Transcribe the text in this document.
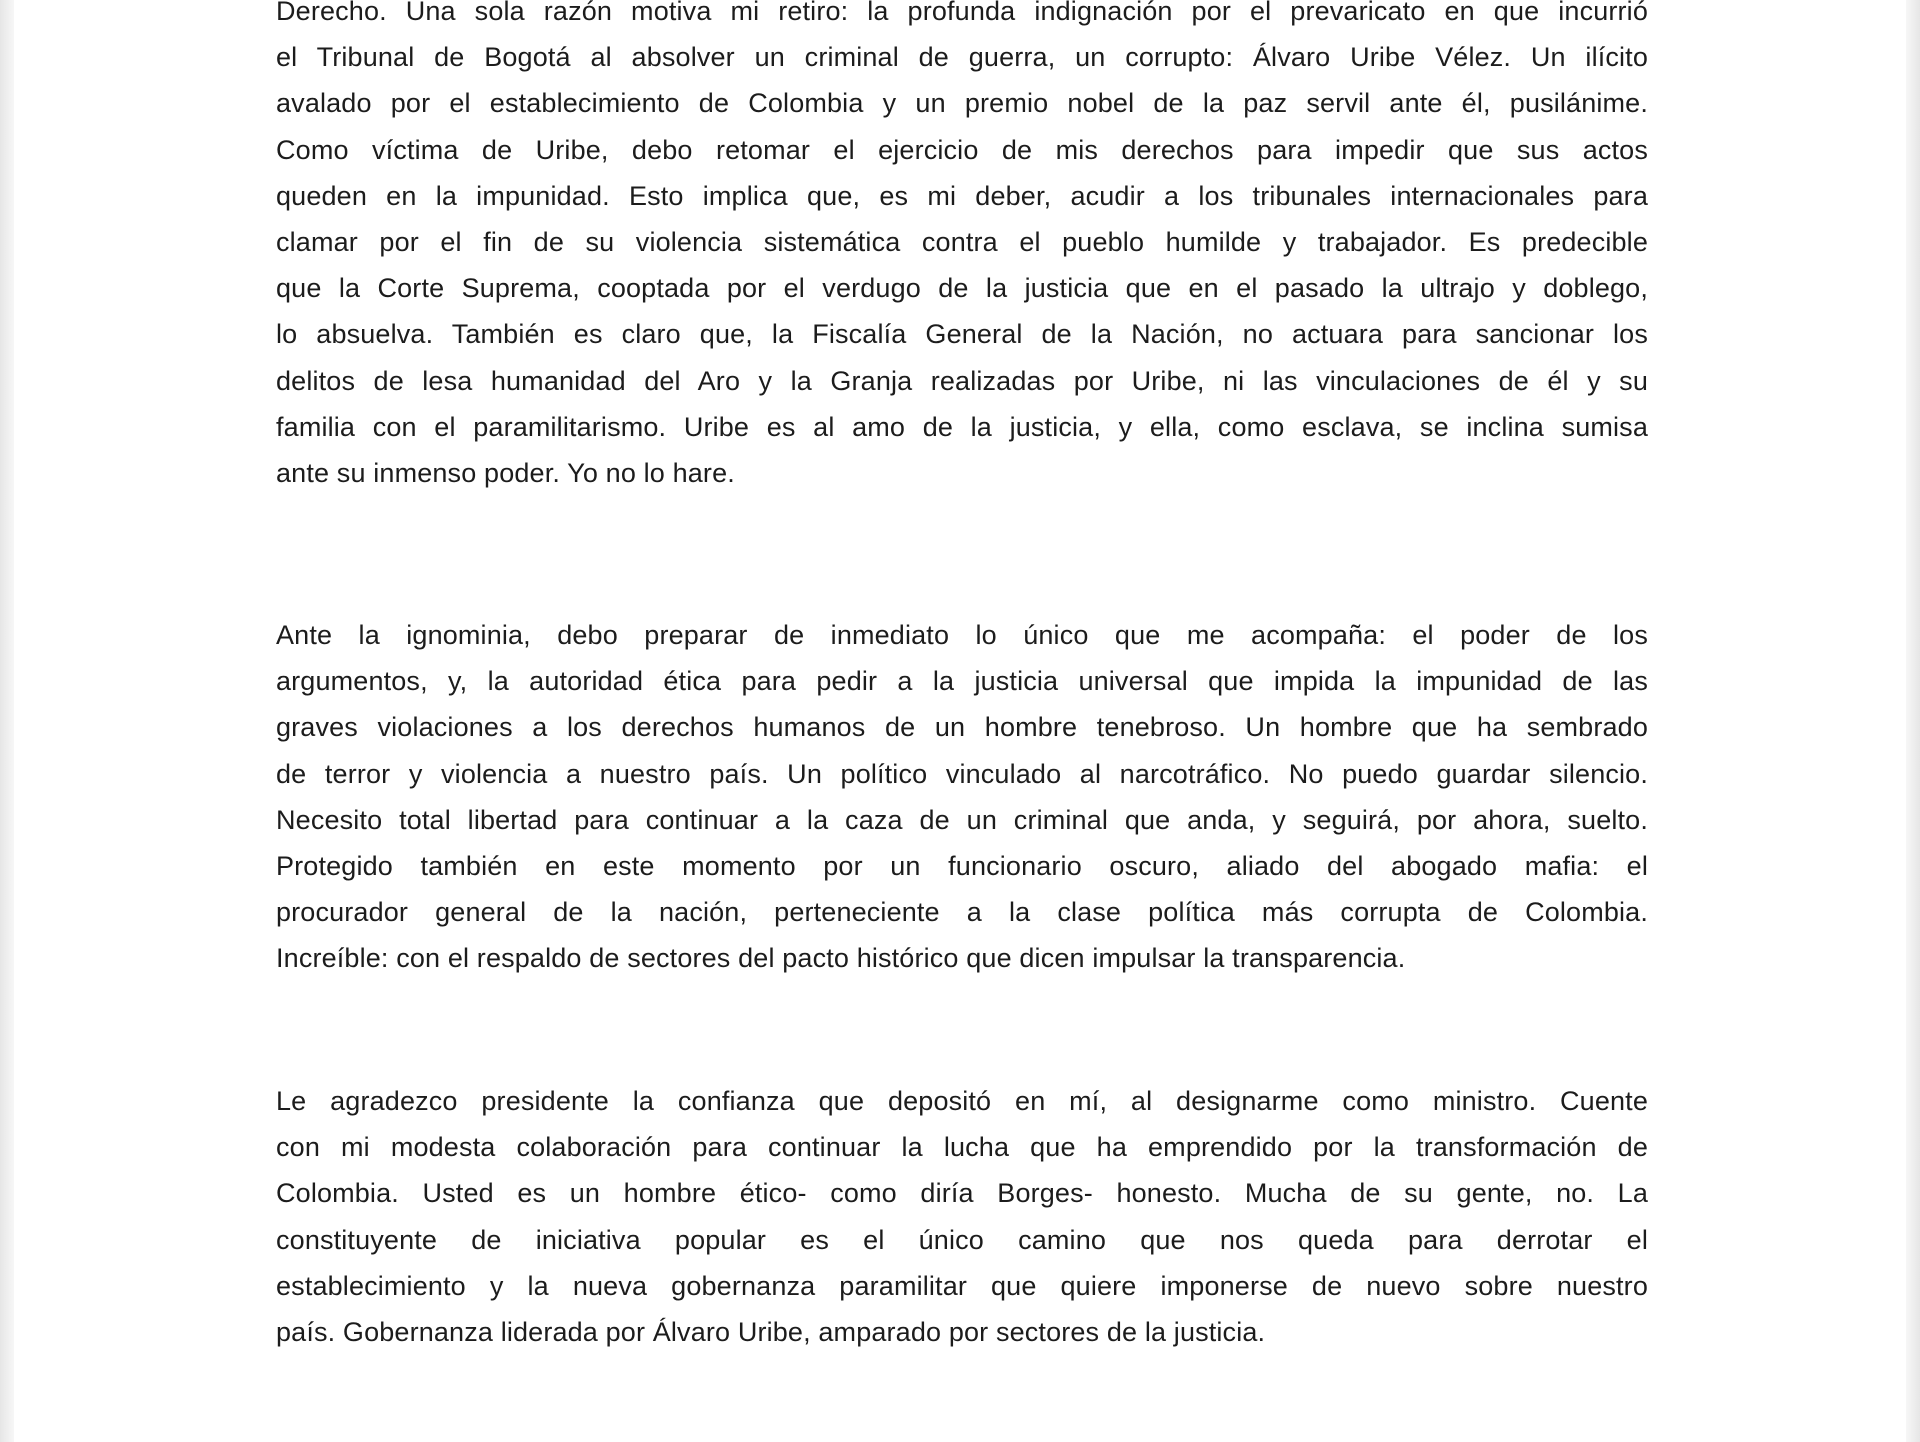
Derecho. Una sola razón motiva mi retiro: la profunda indignación por el prevaricato en que incurrió
el Tribunal de Bogotá al absolver un criminal de guerra, un corrupto: Álvaro Uribe Vélez. Un ilícito
avalado por el establecimiento de Colombia y un premio nobel de la paz servil ante él, pusilánime.
Como víctima de Uribe, debo retomar el ejercicio de mis derechos para impedir que sus actos
queden en la impunidad. Esto implica que, es mi deber, acudir a los tribunales internacionales para
clamar por el fin de su violencia sistemática contra el pueblo humilde y trabajador. Es predecible
que la Corte Suprema, cooptada por el verdugo de la justicia que en el pasado la ultrajo y doblego,
lo absuelva. También es claro que, la Fiscalía General de la Nación, no actuara para sancionar los
delitos de lesa humanidad del Aro y la Granja realizadas por Uribe, ni las vinculaciones de él y su
familia con el paramilitarismo. Uribe es al amo de la justicia, y ella, como esclava, se inclina sumisa
ante su inmenso poder. Yo no lo hare.

Ante la ignominia, debo preparar de inmediato lo único que me acompaña: el poder de los
argumentos, y, la autoridad ética para pedir a la justicia universal que impida la impunidad de las
graves violaciones a los derechos humanos de un hombre tenebroso. Un hombre que ha sembrado
de terror y violencia a nuestro país. Un político vinculado al narcotráfico. No puedo guardar silencio.
Necesito total libertad para continuar a la caza de un criminal que anda, y seguirá, por ahora, suelto.
Protegido también en este momento por un funcionario oscuro, aliado del abogado mafia: el
procurador general de la nación, perteneciente a la clase política más corrupta de Colombia.
Increíble: con el respaldo de sectores del pacto histórico que dicen impulsar la transparencia.

Le agradezco presidente la confianza que depositó en mí, al designarme como ministro. Cuente
con mi modesta colaboración para continuar la lucha que ha emprendido por la transformación de
Colombia. Usted es un hombre ético- como diría Borges- honesto. Mucha de su gente, no. La
constituyente de iniciativa popular es el único camino que nos queda para derrotar el
establecimiento y la nueva gobernanza paramilitar que quiere imponerse de nuevo sobre nuestro
país. Gobernanza liderada por Álvaro Uribe, amparado por sectores de la justicia.
